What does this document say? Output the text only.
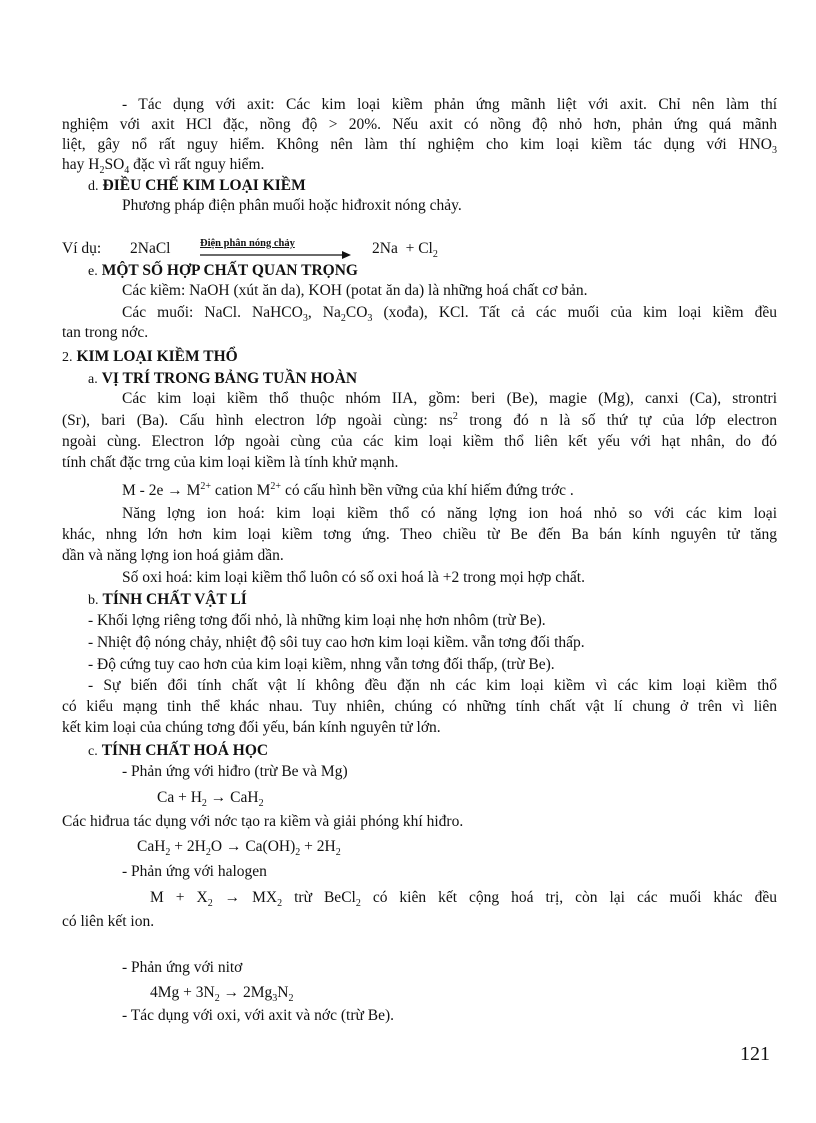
- Tác dụng với axit: Các kim loại kiềm phản ứng mãnh liệt với axit. Chỉ nên làm thí
nghiệm với axit HCl đặc, nồng độ > 20%. Nếu axit có nồng độ nhỏ hơn, phản ứng quá mãnh
liệt, gây nổ rất nguy hiểm. Không nên làm thí nghiệm cho kim loại kiềm tác dụng với $HNO_3$
hay $H_2SO_4$ đặc vì rất nguy hiểm.
d. ĐIỀU CHẾ KIM LOẠI KIỀM
Phương pháp điện phân muối hoặc hiđroxit nóng chảy.
Ví dụ: 2NaCl	Điện phân nóng chảy	$2Na + Cl_2$
e. MỘT SỐ HỢP CHẤT QUAN TRỌNG
Các kiềm: NaOH (xút ăn da), KOH (potat ăn da) là những hoá chất cơ bản.
Các muối: NaCl. NaHCO$_3$, $Na_2CO_3$ (xođa), KCl. Tất cả các muối của kim loại kiềm đều
tan trong nớc.
2. KIM LOẠI KIỀM THỔ
a. VỊ TRÍ TRONG BẢNG TUẦN HOÀN
Các kim loại kiềm thổ thuộc nhóm IIA, gồm: beri (Be), magie (Mg), canxi (Ca), strontri
(Sr), bari (Ba). Cấu hình electron lớp ngoài cùng: $ns^2$ trong đó n là số thứ tự của lớp electron
ngoài cùng. Electron lớp ngoài cùng của các kim loại kiềm thổ liên kết yếu với hạt nhân, do đó
tính chất đặc trng của kim loại kiềm là tính khử mạnh.
$M - 2e \to M^{2+}$ cation $M^{2+}$ có cấu hình bền vững của khí hiếm đứng trớc .
Năng lợng ion hoá: kim loại kiềm thổ có năng lợng ion hoá nhỏ so với các kim loại
khác, nhng lớn hơn kim loại kiềm tơng ứng. Theo chiều từ Be đến Ba bán kính nguyên tử tăng
dần và năng lợng ion hoá giảm dần.
Số oxi hoá: kim loại kiềm thổ luôn có số oxi hoá là +2 trong mọi hợp chất.
b. TÍNH CHẤT VẬT LÍ
- Khối lợng riêng tơng đối nhỏ, là những kim loại nhẹ hơn nhôm (trừ Be).
- Nhiệt độ nóng chảy, nhiệt độ sôi tuy cao hơn kim loại kiềm. vẫn tơng đối thấp.
- Độ cứng tuy cao hơn của kim loại kiềm, nhng vẫn tơng đối thấp, (trừ Be).
- Sự biến đổi tính chất vật lí không đều đặn nh các kim loại kiềm vì các kim loại kiềm thổ
có kiểu mạng tinh thể khác nhau. Tuy nhiên, chúng có những tính chất vật lí chung ở trên vì liên
kết kim loại của chúng tơng đối yếu, bán kính nguyên tử lớn.
c. TÍNH CHẤT HOÁ HỌC
- Phản ứng với hiđro (trừ Be và Mg)
$Ca + H_2 \to CaH_2$
Các hiđrua tác dụng với nớc tạo ra kiềm và giải phóng khí hiđro.
$CaH_2 + 2H_2O \to Ca(OH)_2 + 2H_2$
- Phản ứng với halogen
$M + X_2 \to MX_2$ trừ BeCl$_2$ có kiên kết cộng hoá trị, còn lại các muối khác đều
có liên kết ion.
- Phản ứng với nitơ
$4Mg + 3N_2 \to 2Mg_3N_2$
- Tác dụng với oxi, với axit và nớc (trừ Be).
121
